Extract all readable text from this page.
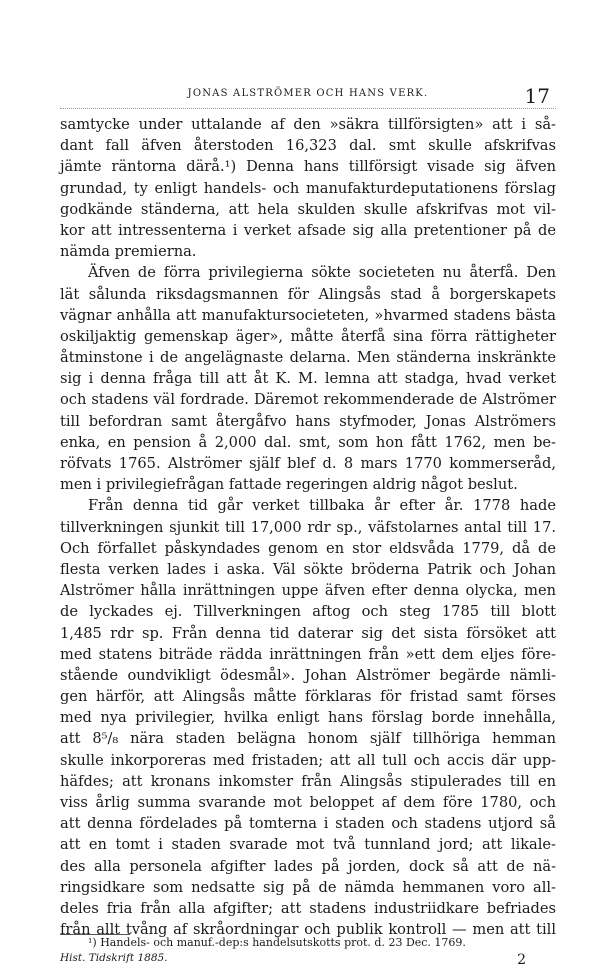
JONAS ALSTRÖMER OCH HANS VERK.	17
samtycke under uttalande af den »säkra tillförsigten» att i så-
dant fall äfven återstoden 16,323 dal. smt skulle afskrifvas
jämte räntorna därå.¹) Denna hans tillförsigt visade sig äfven
grundad, ty enligt handels- och manufakturdeputationens förslag
godkände ständerna, att hela skulden skulle afskrifvas mot vil-
kor att intressenterna i verket afsade sig alla pretentioner på de
nämda premierna.
Äfven de förra privilegierna sökte societeten nu återfå. Den
lät sålunda riksdagsmannen för Alingsås stad å borgerskapets
vägnar anhålla att manufaktursocieteten, »hvarmed stadens bästa
oskiljaktig gemenskap äger», måtte återfå sina förra rättigheter
åtminstone i de angelägnaste delarna. Men ständerna inskränkte
sig i denna fråga till att åt K. M. lemna att stadga, hvad verket
och stadens väl fordrade. Däremot rekommenderade de Alströmer
till befordran samt återgåfvo hans styfmoder, Jonas Alströmers
enka, en pension å 2,000 dal. smt, som hon fått 1762, men be-
röfvats 1765. Alströmer själf blef d. 8 mars 1770 kommerseråd,
men i privilegiefrågan fattade regeringen aldrig något beslut.
Från denna tid går verket tillbaka år efter år. 1778 hade
tillverkningen sjunkit till 17,000 rdr sp., väfstolarnes antal till 17.
Och förfallet påskyndades genom en stor eldsvåda 1779, då de
flesta verken lades i aska. Väl sökte bröderna Patrik och Johan
Alströmer hålla inrättningen uppe äfven efter denna olycka, men
de lyckades ej. Tillverkningen aftog och steg 1785 till blott
1,485 rdr sp. Från denna tid daterar sig det sista försöket att
med statens biträde rädda inrättningen från »ett dem eljes före-
stående oundvikligt ödesmål». Johan Alströmer begärde nämli-
gen härför, att Alingsås måtte förklaras för fristad samt förses
med nya privilegier, hvilka enligt hans förslag borde innehålla,
att 8⁵/₈ nära staden belägna honom själf tillhöriga hemman
skulle inkorporeras med fristaden; att all tull och accis där upp-
häfdes; att kronans inkomster från Alingsås stipulerades till en
viss årlig summa svarande mot beloppet af dem före 1780, och
att denna fördelades på tomterna i staden och stadens utjord så
att en tomt i staden svarade mot två tunnland jord; att likale-
des alla personela afgifter lades på jorden, dock så att de nä-
ringsidkare som nedsatte sig på de nämda hemmanen voro all-
deles fria från alla afgifter; att stadens industriidkare befriades
från allt tvång af skråordningar och publik kontroll — men att till
¹) Handels- och manuf.-dep:s handelsutskotts prot. d. 23 Dec. 1769.
Hist. Tidskrift 1885.	2
